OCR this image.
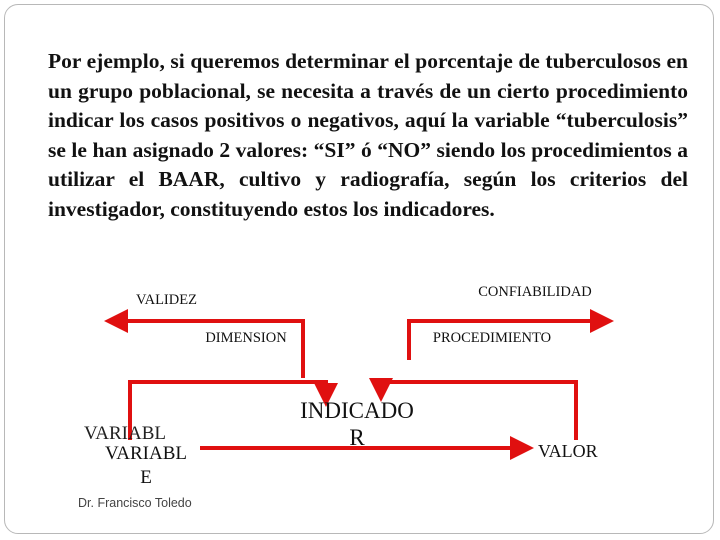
Por ejemplo, si queremos determinar el porcentaje de tuberculosos en un grupo poblacional, se necesita a través de un cierto procedimiento indicar los casos positivos o negativos, aquí la variable “tuberculosis” se le han asignado 2 valores: “SI” ó “NO” siendo los procedimientos a utilizar el BAAR, cultivo y radiografía, según los criterios del investigador, constituyendo estos los indicadores.

VALIDEZ	CONFIABILIDAD
DIMENSION	PROCEDIMIENTO
INDICADOR
VARIABL
VARIABLE
VALOR
Dr. Francisco Toledo
